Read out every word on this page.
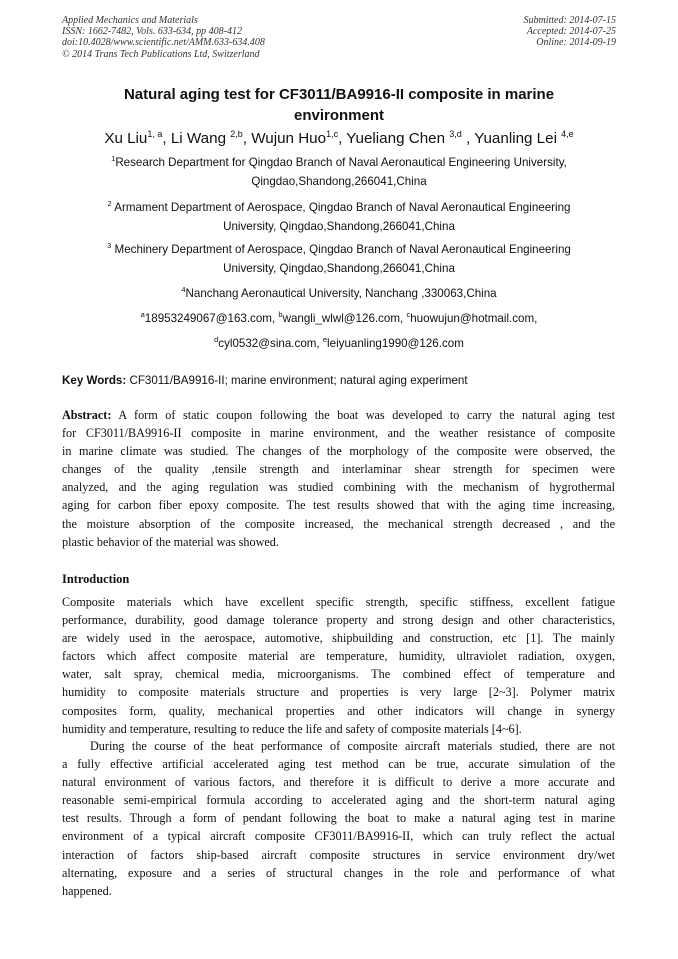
Applied Mechanics and Materials
ISSN: 1662-7482, Vols. 633-634, pp 408-412
doi:10.4028/www.scientific.net/AMM.633-634.408
© 2014 Trans Tech Publications Ltd, Switzerland
Submitted: 2014-07-15
Accepted: 2014-07-25
Online: 2014-09-19
Natural aging test for CF3011/BA9916-II composite in marine
environment
Xu Liu$^{1, a}$, Li Wang $^{2,b}$, Wujun Huo$^{1,c}$, Yueliang Chen $^{3,d}$ , Yuanling Lei $^{4,e}$
$^1$Research Department for Qingdao Branch of Naval Aeronautical Engineering University,
Qingdao,Shandong,266041,China
$^2$ Armament Department of Aerospace, Qingdao Branch of Naval Aeronautical Engineering
University, Qingdao,Shandong,266041,China
$^3$ Mechinery Department of Aerospace, Qingdao Branch of Naval Aeronautical Engineering
University, Qingdao,Shandong,266041,China
$^4$Nanchang Aeronautical University, Nanchang ,330063,China
$^a$18953249067@163.com, $^b$wangli_wlwl@126.com, $^c$huowujun@hotmail.com,
$^d$cyl0532@sina.com, $^e$leiyuanling1990@126.com
Key Words: CF3011/BA9916-II; marine environment; natural aging experiment
Abstract: A form of static coupon following the boat was developed to carry the natural aging test
for CF3011/BA9916-II composite in marine environment, and the weather resistance of composite
in marine climate was studied. The changes of the morphology of the composite were observed, the
changes of the quality ,tensile strength and interlaminar shear strength for specimen were
analyzed, and the aging regulation was studied combining with the mechanism of hygrothermal
aging for carbon fiber epoxy composite. The test results showed that with the aging time increasing,
the moisture absorption of the composite increased, the mechanical strength decreased , and the
plastic behavior of the material was showed.
Introduction
Composite materials which have excellent specific strength, specific stiffness, excellent fatigue
performance, durability, good damage tolerance property and strong design and other characteristics,
are widely used in the aerospace, automotive, shipbuilding and construction, etc [1]. The mainly
factors which affect composite material are temperature, humidity, ultraviolet radiation, oxygen,
water, salt spray, chemical media, microorganisms. The combined effect of temperature and
humidity to composite materials structure and properties is very large [2~3]. Polymer matrix
composites form, quality, mechanical properties and other indicators will change in synergy
humidity and temperature, resulting to reduce the life and safety of composite materials [4~6].
During the course of the heat performance of composite aircraft materials studied, there are not
a fully effective artificial accelerated aging test method can be true, accurate simulation of the
natural environment of various factors, and therefore it is difficult to derive a more accurate and
reasonable semi-empirical formula according to accelerated aging and the short-term natural aging
test results. Through a form of pendant following the boat to make a natural aging test in marine
environment of a typical aircraft composite CF3011/BA9916-II, which can truly reflect the actual
interaction of factors ship-based aircraft composite structures in service environment dry/wet
alternating, exposure and a series of structural changes in the role and performance of what
happened.
